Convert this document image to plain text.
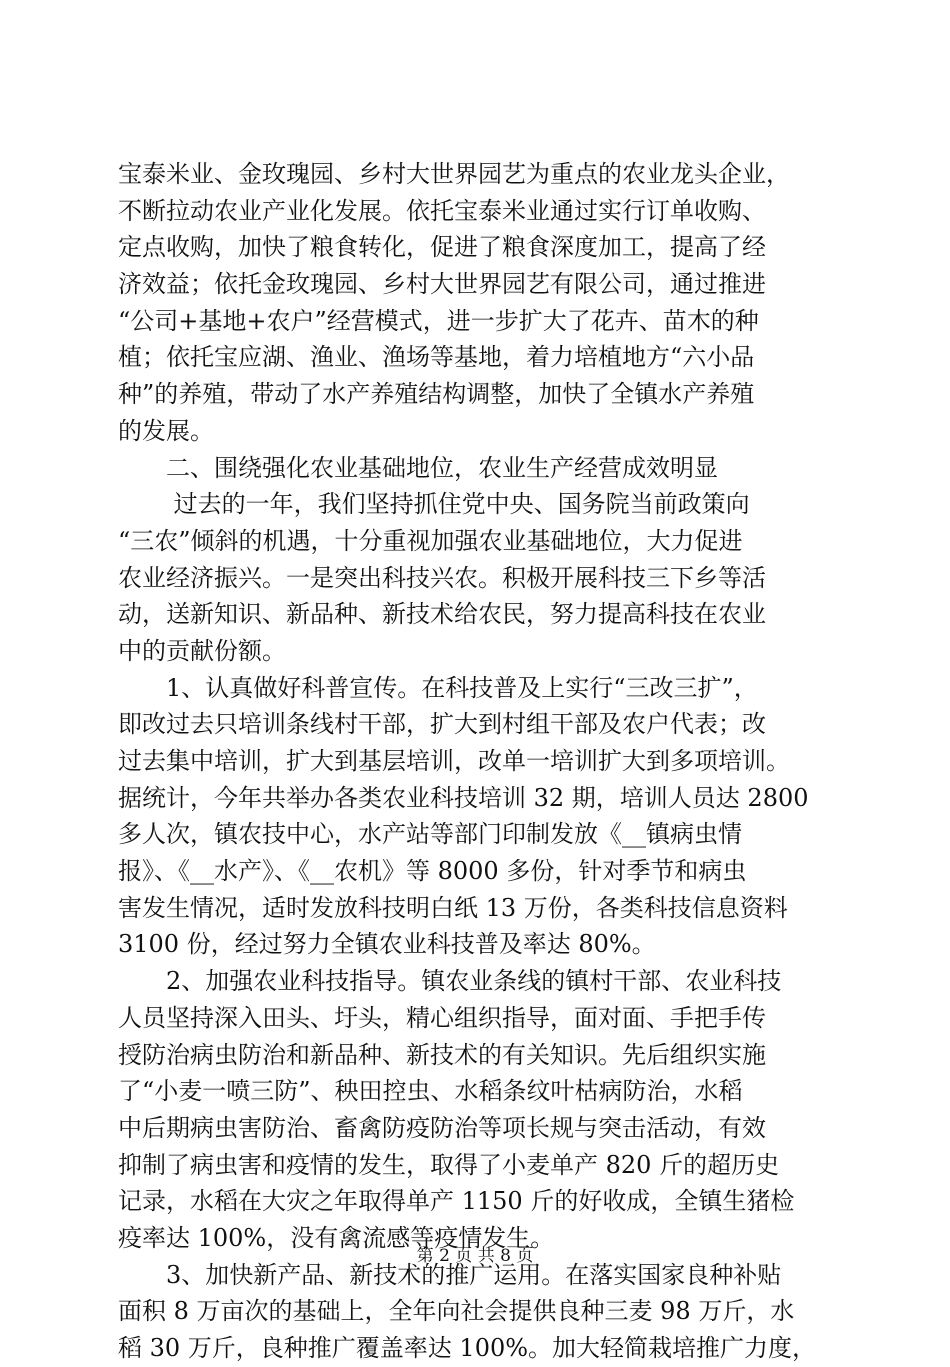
宝泰米业、金玫瑰园、乡村大世界园艺为重点的农业龙头企业，
不断拉动农业产业化发展。依托宝泰米业通过实行订单收购、
定点收购，加快了粮食转化，促进了粮食深度加工，提高了经
济效益；依托金玫瑰园、乡村大世界园艺有限公司，通过推进
“公司+基地+农户”经营模式，进一步扩大了花卉、苗木的种
植；依托宝应湖、渔业、渔场等基地，着力培植地方“六小品
种”的养殖，带动了水产养殖结构调整，加快了全镇水产养殖
的发展。
　　二、围绕强化农业基础地位，农业生产经营成效明显
　　 过去的一年，我们坚持抓住党中央、国务院当前政策向
“三农”倾斜的机遇，十分重视加强农业基础地位，大力促进
农业经济振兴。一是突出科技兴农。积极开展科技三下乡等活
动，送新知识、新品种、新技术给农民，努力提高科技在农业
中的贡献份额。
　　1、认真做好科普宣传。在科技普及上实行“三改三扩”，
即改过去只培训条线村干部，扩大到村组干部及农户代表；改
过去集中培训，扩大到基层培训，改单一培训扩大到多项培训。
据统计，今年共举办各类农业科技培训 32 期，培训人员达 2800
多人次，镇农技中心，水产站等部门印制发放《__镇病虫情
报》、《__水产》、《__农机》等 8000 多份，针对季节和病虫
害发生情况，适时发放科技明白纸 13 万份，各类科技信息资料
3100 份，经过努力全镇农业科技普及率达 80%。
　　2、加强农业科技指导。镇农业条线的镇村干部、农业科技
人员坚持深入田头、圩头，精心组织指导，面对面、手把手传
授防治病虫防治和新品种、新技术的有关知识。先后组织实施
了“小麦一喷三防”、秧田控虫、水稻条纹叶枯病防治，水稻
中后期病虫害防治、畜禽防疫防治等项长规与突击活动，有效
抑制了病虫害和疫情的发生，取得了小麦单产 820 斤的超历史
记录，水稻在大灾之年取得单产 1150 斤的好收成，全镇生猪检
疫率达 100%，没有禽流感等疫情发生。
　　3、加快新产品、新技术的推广运用。在落实国家良种补贴
面积 8 万亩次的基础上，全年向社会提供良种三麦 98 万斤，水
稻 30 万斤，良种推广覆盖率达 100%。加大轻简栽培推广力度，
第 2 页 共 8 页
